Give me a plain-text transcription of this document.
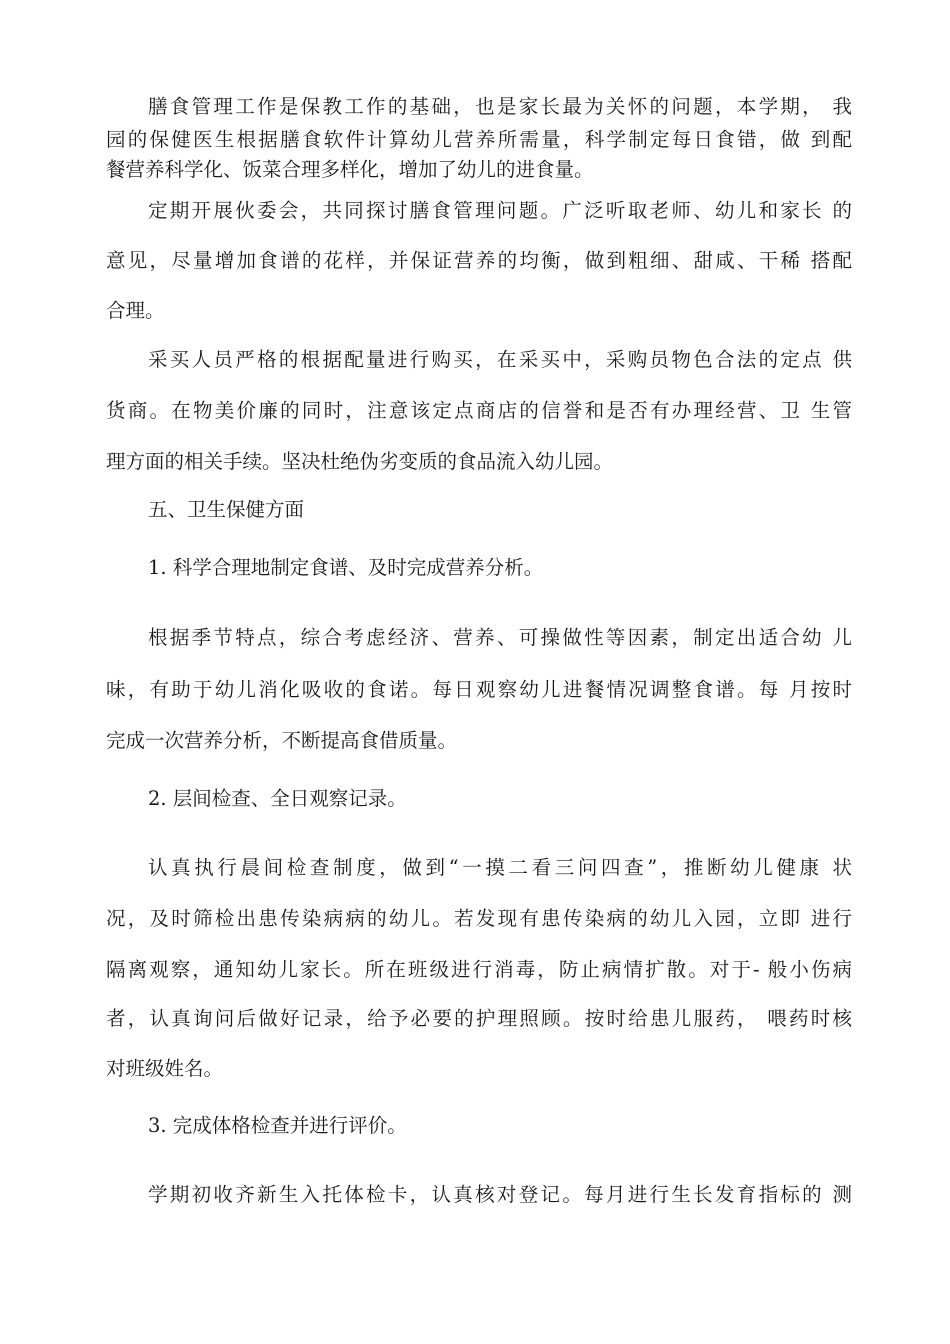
膳食管理工作是保教工作的基础，也是家长最为关怀的问题，本学期， 我
园的保健医生根据膳食软件计算幼儿营养所需量，科学制定每日食错，做 到配
餐营养科学化、饭菜合理多样化，增加了幼儿的进食量。
定期开展伙委会，共同探讨膳食管理问题。广泛听取老师、幼儿和家长 的
意见，尽量增加食谱的花样，并保证营养的均衡，做到粗细、甜咸、干稀 搭配
合理。
采买人员严格的根据配量进行购买，在采买中，采购员物色合法的定点 供
货商。在物美价廉的同时，注意该定点商店的信誉和是否有办理经营、卫 生管
理方面的相关手续。坚决杜绝伪劣变质的食品流入幼儿园。
五、卫生保健方面
1. 科学合理地制定食谱、及时完成营养分析。
根据季节特点，综合考虑经济、营养、可操做性等因素，制定出适合幼 儿
味，有助于幼儿消化吸收的食诺。每日观察幼儿进餐情况调整食谱。每 月按时
完成一次营养分析，不断提高食借质量。
2. 层间检查、全日观察记录。
认真执行晨间检查制度，做到“一摸二看三问四查”，推断幼儿健康 状
况，及时筛检出患传染病病的幼儿。若发现有患传染病的幼儿入园，立即 进行
隔离观察，通知幼儿家长。所在班级进行消毒，防止病情扩散。对于- 般小伤病
者，认真询问后做好记录，给予必要的护理照顾。按时给患儿服药， 喂药时核
对班级姓名。
3. 完成体格检查并进行评价。
学期初收齐新生入托体检卡，认真核对登记。每月进行生长发育指标的 测
